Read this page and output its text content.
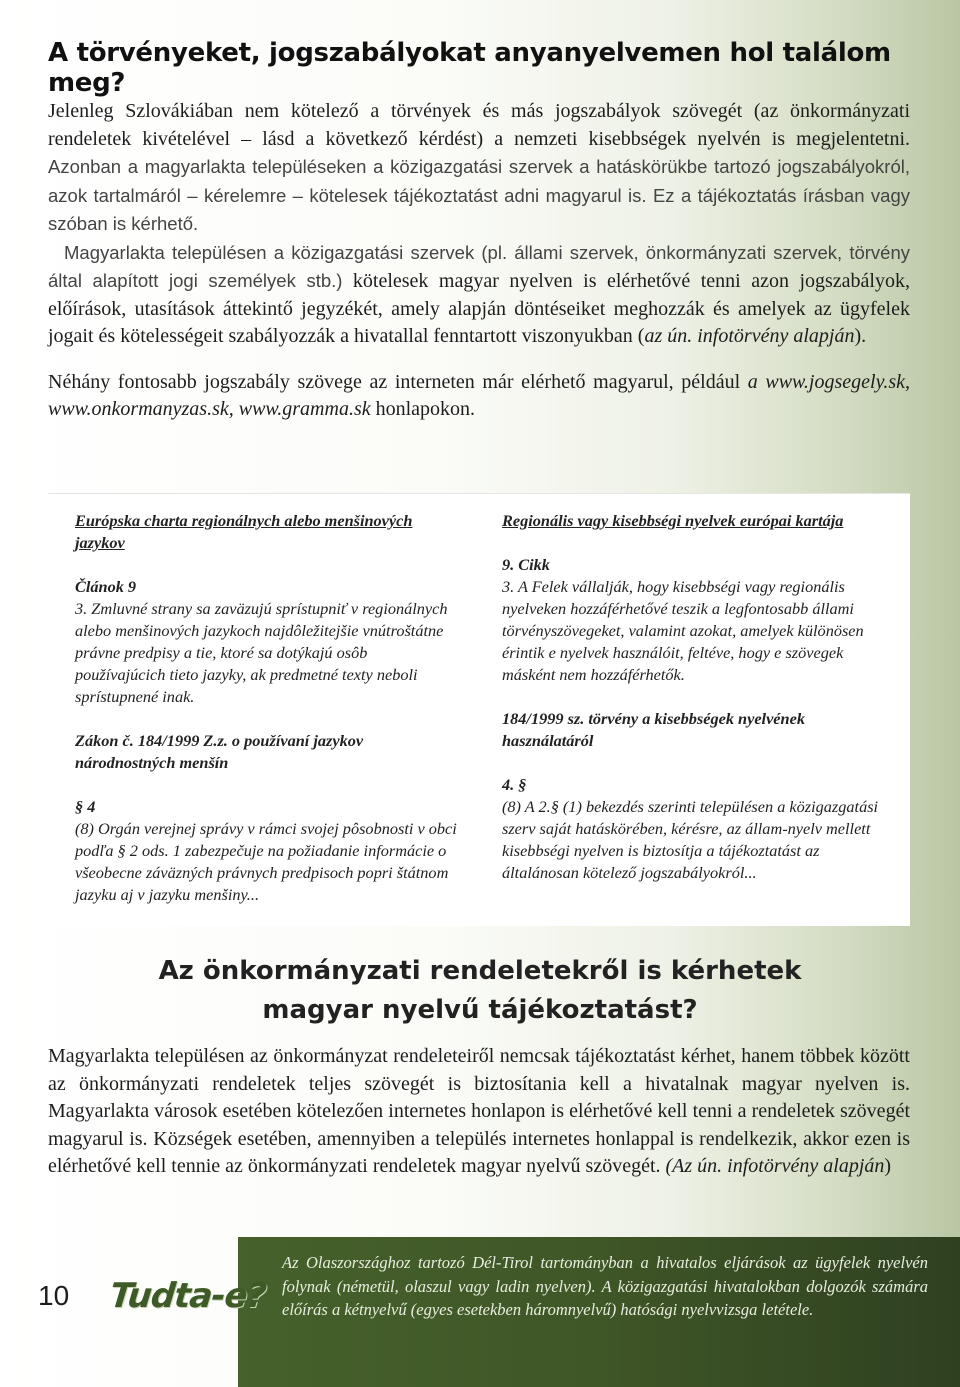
A törvényeket, jogszabályokat anyanyelvemen hol találom meg?

Jelenleg Szlovákiában nem kötelező a törvények és más jogszabályok szövegét (az önkormányzati rendeletek kivételével – lásd a következő kérdést) a nemzeti kisebbségek nyelvén is megjelentetni. Azonban a magyarlakta településeken a közigazgatási szervek a hatáskörükbe tartozó jogszabályokról, azok tartalmáról – kérelemre – kötelesek tájékoztatást adni magyarul is. Ez a tájékoztatás írásban vagy szóban is kérhető.

Magyarlakta településen a közigazgatási szervek (pl. állami szervek, önkormányzati szervek, törvény által alapított jogi személyek stb.) kötelesek magyar nyelven is elérhetővé tenni azon jogszabályok, előírások, utasítások áttekintő jegyzékét, amely alapján döntéseiket meghozzák és amelyek az ügyfelek jogait és kötelességeit szabályozzák a hivatallal fenntartott viszonyukban (az ún. infotörvény alapján).

Néhány fontosabb jogszabály szövege az interneten már elérhető magyarul, például a www.jogsegely.sk, www.onkormanyzas.sk, www.gramma.sk honlapokon.

Európska charta regionálnych alebo menšinových jazykov

Článok 9

3. Zmluvné strany sa zaväzujú sprístupniť v regionálnych alebo menšinových jazykoch najdôležitejšie vnútroštátne právne predpisy a tie, ktoré sa dotýkajú osôb používajúcich tieto jazyky, ak predmetné texty neboli sprístupnené inak.

Zákon č. 184/1999 Z.z. o používaní jazykov národnostných menšín

§ 4

(8) Orgán verejnej správy v rámci svojej pôsobnosti v obci podľa § 2 ods. 1 zabezpečuje na požiadanie informácie o všeobecne záväzných právnych predpisoch popri štátnom jazyku aj v jazyku menšiny...

Regionális vagy kisebbségi nyelvek európai kartája

9. Cikk

3. A Felek vállalják, hogy kisebbségi vagy regionális nyelveken hozzáférhetővé teszik a legfontosabb állami törvényszövegeket, valamint azokat, amelyek különösen érintik e nyelvek használóit, feltéve, hogy e szövegek másként nem hozzáférhetők.

184/1999 sz. törvény a kisebbségek nyelvének használatáról

4. §

(8) A 2.§ (1) bekezdés szerinti településen a közigazgatási szerv saját hatáskörében, kérésre, az állam-nyelv mellett kisebbségi nyelven is biztosítja a tájékoztatást az általánosan kötelező jogszabályokról...

Az önkormányzati rendeletekről is kérhetek
magyar nyelvű tájékoztatást?

Magyarlakta településen az önkormányzat rendeleteiről nemcsak tájékoztatást kérhet, hanem többek között az önkormányzati rendeletek teljes szövegét is biztosítania kell a hivatalnak magyar nyelven is. Magyarlakta városok esetében kötelezően internetes honlapon is elérhetővé kell tenni a rendeletek szövegét magyarul is. Községek esetében, amennyiben a település internetes honlappal is rendelkezik, akkor ezen is elérhetővé kell tennie az önkormányzati rendeletek magyar nyelvű szövegét. (Az ún. infotörvény alapján)

Az Olaszországhoz tartozó Dél-Tirol tartományban a hivatalos eljárások az ügyfelek nyelvén folynak (németül, olaszul vagy ladin nyelven). A közigazgatási hivatalokban dolgozók számára előírás a kétnyelvű (egyes esetekben háromnyelvű) hatósági nyelvvizsga letétele.

10 Tudta-e?
